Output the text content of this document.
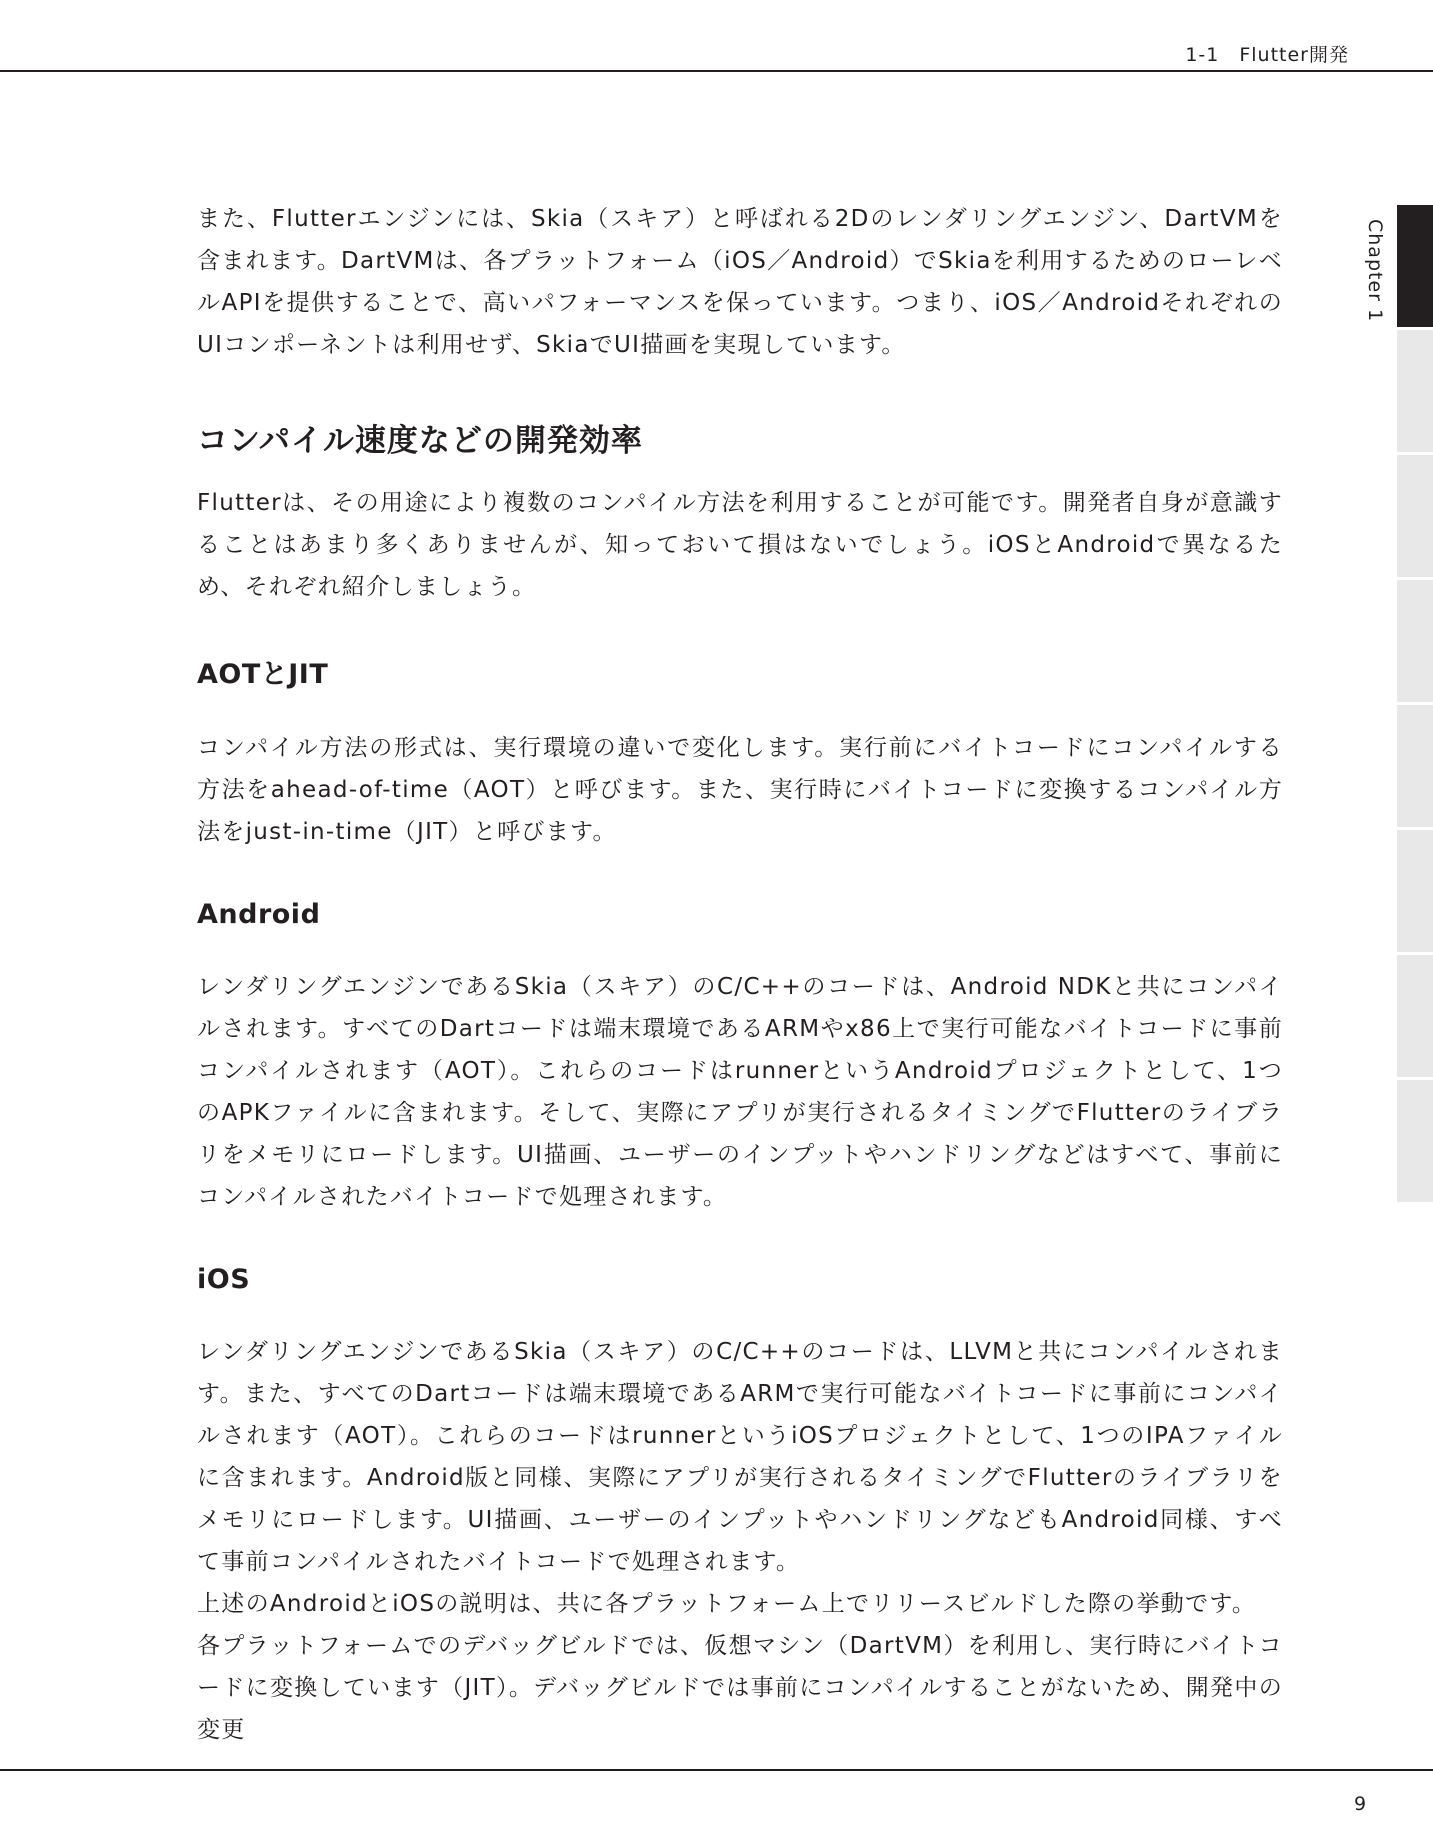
1-1　Flutter開発
Chapter 1

また、Flutterエンジンには、Skia（スキア）と呼ばれる2Dのレンダリングエンジン、DartVMを含まれます。DartVMは、各プラットフォーム（iOS／Android）でSkiaを利用するためのローレベルAPIを提供することで、高いパフォーマンスを保っています。つまり、iOS／AndroidそれぞれのUIコンポーネントは利用せず、SkiaでUI描画を実現しています。

コンパイル速度などの開発効率

Flutterは、その用途により複数のコンパイル方法を利用することが可能です。開発者自身が意識することはあまり多くありませんが、知っておいて損はないでしょう。iOSとAndroidで異なるため、それぞれ紹介しましょう。

AOTとJIT

コンパイル方法の形式は、実行環境の違いで変化します。実行前にバイトコードにコンパイルする方法をahead-of-time（AOT）と呼びます。また、実行時にバイトコードに変換するコンパイル方法をjust-in-time（JIT）と呼びます。

Android

レンダリングエンジンであるSkia（スキア）のC/C++のコードは、Android NDKと共にコンパイルされます。すべてのDartコードは端末環境であるARMやx86上で実行可能なバイトコードに事前コンパイルされます（AOT）。これらのコードはrunnerというAndroidプロジェクトとして、1つのAPKファイルに含まれます。そして、実際にアプリが実行されるタイミングでFlutterのライブラリをメモリにロードします。UI描画、ユーザーのインプットやハンドリングなどはすべて、事前にコンパイルされたバイトコードで処理されます。

iOS

レンダリングエンジンであるSkia（スキア）のC/C++のコードは、LLVMと共にコンパイルされます。また、すべてのDartコードは端末環境であるARMで実行可能なバイトコードに事前にコンパイルされます（AOT）。これらのコードはrunnerというiOSプロジェクトとして、1つのIPAファイルに含まれます。Android版と同様、実際にアプリが実行されるタイミングでFlutterのライブラリをメモリにロードします。UI描画、ユーザーのインプットやハンドリングなどもAndroid同様、すべて事前コンパイルされたバイトコードで処理されます。

上述のAndroidとiOSの説明は、共に各プラットフォーム上でリリースビルドした際の挙動です。

各プラットフォームでのデバッグビルドでは、仮想マシン（DartVM）を利用し、実行時にバイトコードに変換しています（JIT）。デバッグビルドでは事前にコンパイルすることがないため、開発中の変更

9
